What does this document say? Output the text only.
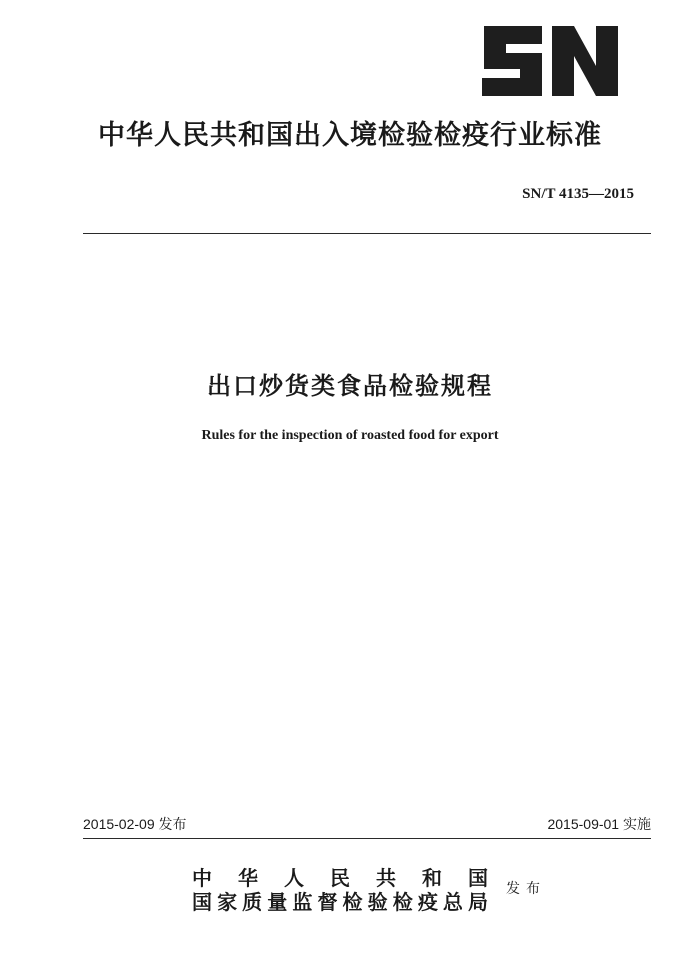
中华人民共和国出入境检验检疫行业标准
SN/T 4135—2015
出口炒货类食品检验规程
Rules for the inspection of roasted food for export
2015-02-09 发布	2015-09-01 实施
中华人民共和国
国家质量监督检验检疫总局
发布
